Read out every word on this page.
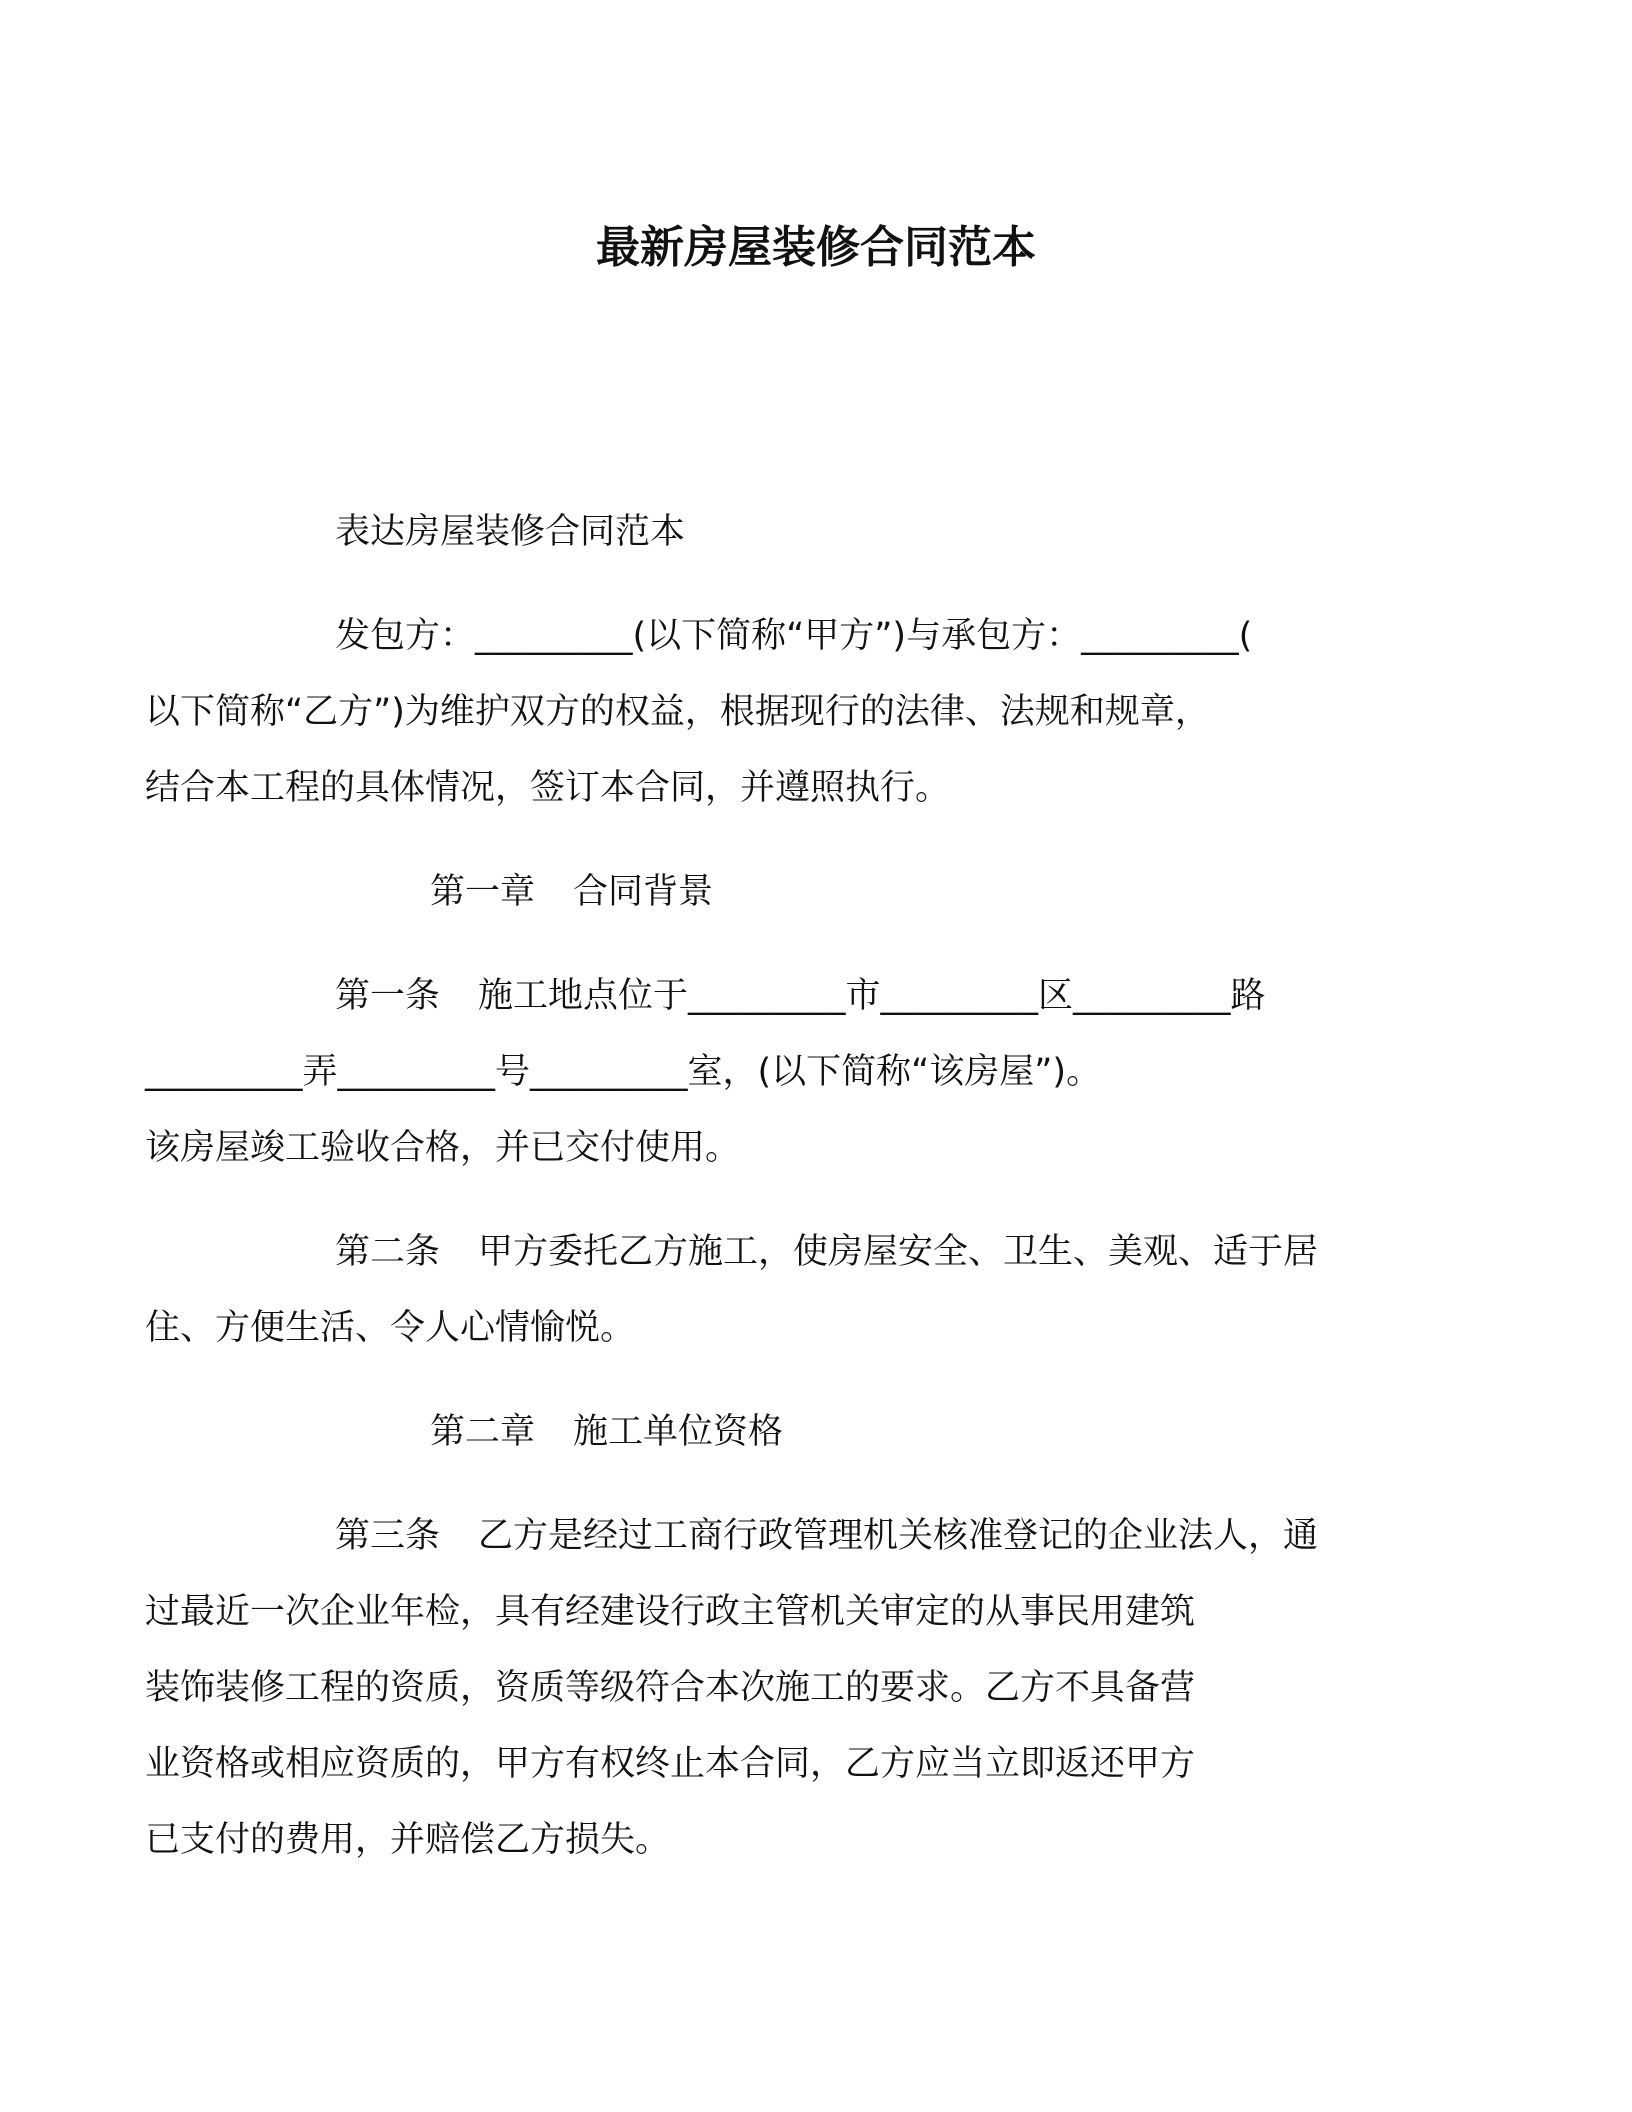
最新房屋装修合同范本
表达房屋装修合同范本
发包方：_________(以下简称“甲方”)与承包方：_________(
以下简称“乙方”)为维护双方的权益，根据现行的法律、法规和规章，
结合本工程的具体情况，签订本合同，并遵照执行。
第一章 合同背景
第一条 施工地点位于_________市_________区_________路
_________弄_________号_________室，(以下简称“该房屋”)。
该房屋竣工验收合格，并已交付使用。
第二条 甲方委托乙方施工，使房屋安全、卫生、美观、适于居
住、方便生活、令人心情愉悦。
第二章 施工单位资格
第三条 乙方是经过工商行政管理机关核准登记的企业法人，通
过最近一次企业年检，具有经建设行政主管机关审定的从事民用建筑
装饰装修工程的资质，资质等级符合本次施工的要求。乙方不具备营
业资格或相应资质的，甲方有权终止本合同，乙方应当立即返还甲方
已支付的费用，并赔偿乙方损失。
